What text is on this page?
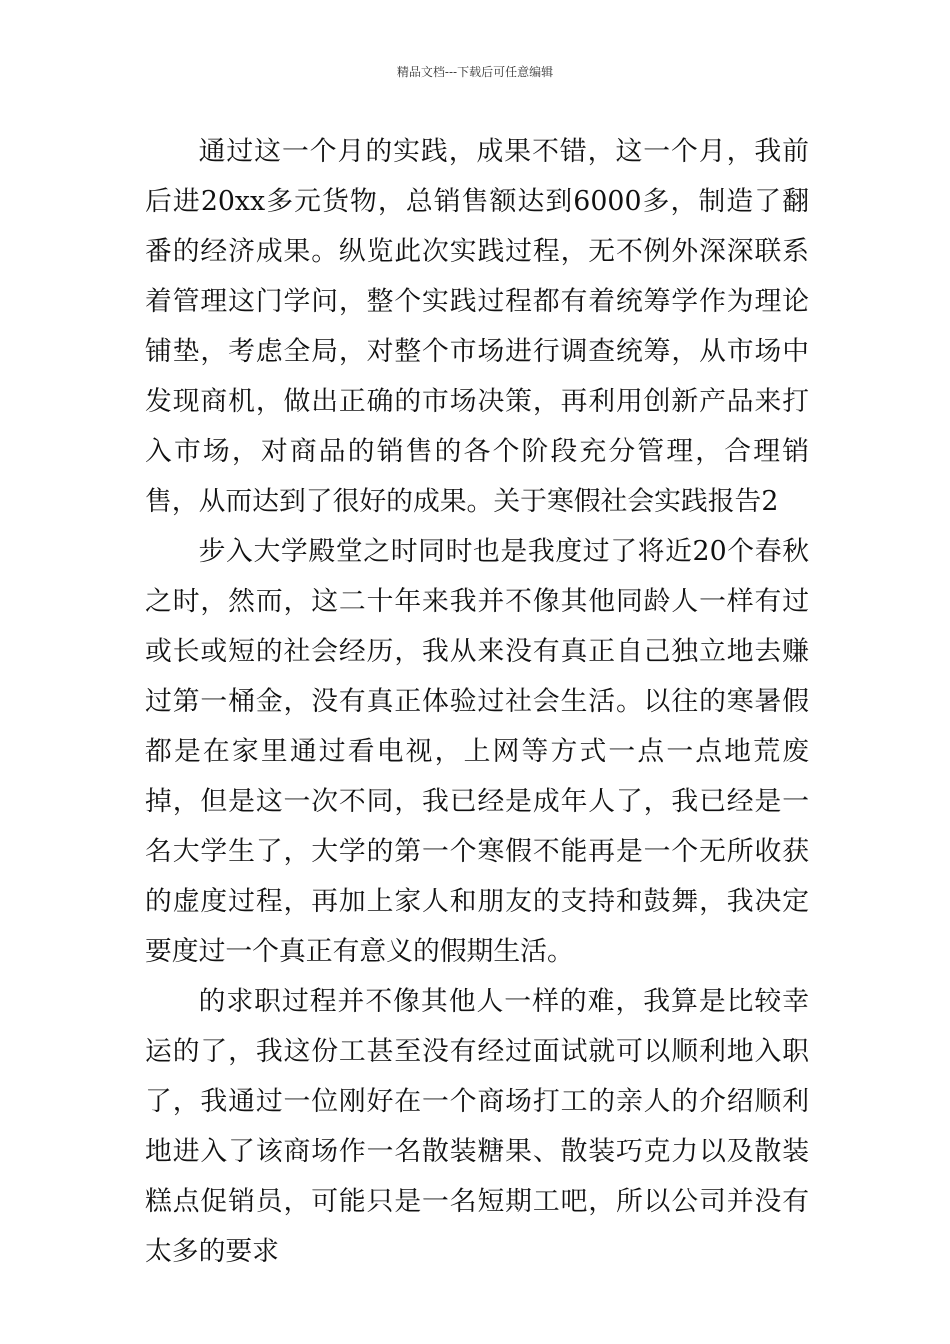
精品文档---下载后可任意编辑

通过这一个月的实践，成果不错，这一个月，我前后进20xx多元货物，总销售额达到6000多，制造了翻番的经济成果。纵览此次实践过程，无不例外深深联系着管理这门学问，整个实践过程都有着统筹学作为理论铺垫，考虑全局，对整个市场进行调查统筹，从市场中发现商机，做出正确的市场决策，再利用创新产品来打入市场，对商品的销售的各个阶段充分管理，合理销售，从而达到了很好的成果。关于寒假社会实践报告2

步入大学殿堂之时同时也是我度过了将近20个春秋之时，然而，这二十年来我并不像其他同龄人一样有过或长或短的社会经历，我从来没有真正自己独立地去赚过第一桶金，没有真正体验过社会生活。以往的寒暑假都是在家里通过看电视，上网等方式一点一点地荒废掉，但是这一次不同，我已经是成年人了，我已经是一名大学生了，大学的第一个寒假不能再是一个无所收获的虚度过程，再加上家人和朋友的支持和鼓舞，我决定要度过一个真正有意义的假期生活。

的求职过程并不像其他人一样的难，我算是比较幸运的了，我这份工甚至没有经过面试就可以顺利地入职了，我通过一位刚好在一个商场打工的亲人的介绍顺利地进入了该商场作一名散装糖果、散装巧克力以及散装糕点促销员，可能只是一名短期工吧，所以公司并没有太多的要求
